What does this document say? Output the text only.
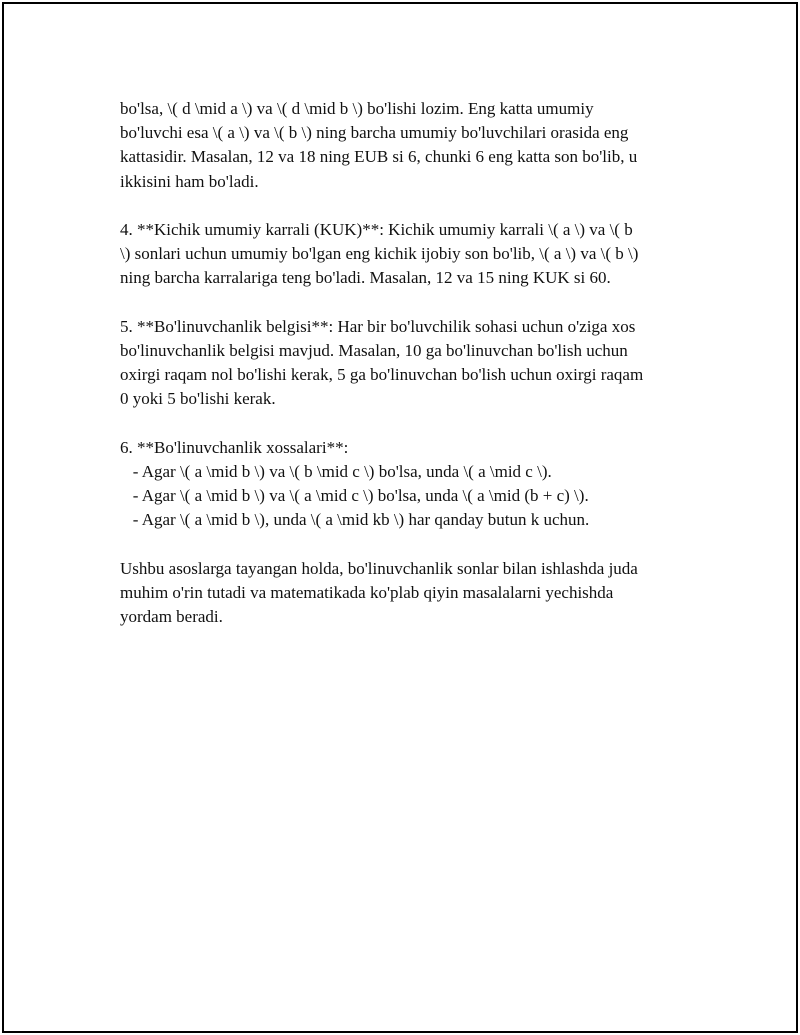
bo'lsa, \( d \mid a \) va \( d \mid b \) bo'lishi lozim. Eng katta umumiy
bo'luvchi esa \( a \) va \( b \) ning barcha umumiy bo'luvchilari orasida eng
kattasidir. Masalan, 12 va 18 ning EUB si 6, chunki 6 eng katta son bo'lib, u
ikkisini ham bo'ladi.

4. **Kichik umumiy karrali (KUK)**: Kichik umumiy karrali \( a \) va \( b
\) sonlari uchun umumiy bo'lgan eng kichik ijobiy son bo'lib, \( a \) va \( b \)
ning barcha karralariga teng bo'ladi. Masalan, 12 va 15 ning KUK si 60.

5. **Bo'linuvchanlik belgisi**: Har bir bo'luvchilik sohasi uchun o'ziga xos
bo'linuvchanlik belgisi mavjud. Masalan, 10 ga bo'linuvchan bo'lish uchun
oxirgi raqam nol bo'lishi kerak, 5 ga bo'linuvchan bo'lish uchun oxirgi raqam
0 yoki 5 bo'lishi kerak.

6. **Bo'linuvchanlik xossalari**:
- Agar \( a \mid b \) va \( b \mid c \) bo'lsa, unda \( a \mid c \).
- Agar \( a \mid b \) va \( a \mid c \) bo'lsa, unda \( a \mid (b + c) \).
- Agar \( a \mid b \), unda \( a \mid kb \) har qanday butun k uchun.

Ushbu asoslarga tayangan holda, bo'linuvchanlik sonlar bilan ishlashda juda
muhim o'rin tutadi va matematikada ko'plab qiyin masalalarni yechishda
yordam beradi.
